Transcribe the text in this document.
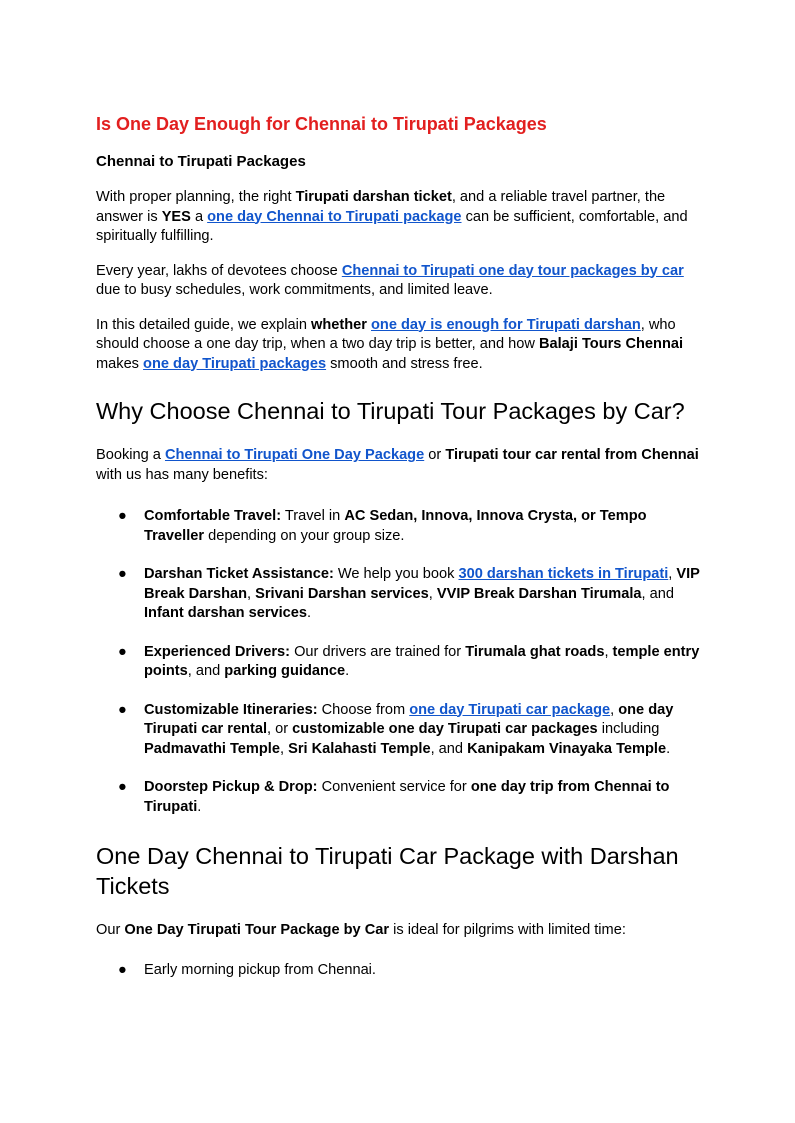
Is One Day Enough for Chennai to Tirupati Packages
Chennai to Tirupati Packages

With proper planning, the right Tirupati darshan ticket, and a reliable travel partner, the answer is YES a one day Chennai to Tirupati package can be sufficient, comfortable, and spiritually fulfilling.

Every year, lakhs of devotees choose Chennai to Tirupati one day tour packages by car due to busy schedules, work commitments, and limited leave.

In this detailed guide, we explain whether one day is enough for Tirupati darshan, who should choose a one day trip, when a two day trip is better, and how Balaji Tours Chennai makes one day Tirupati packages smooth and stress free.

Why Choose Chennai to Tirupati Tour Packages by Car?

Booking a Chennai to Tirupati One Day Package or Tirupati tour car rental from Chennai with us has many benefits:

● Comfortable Travel: Travel in AC Sedan, Innova, Innova Crysta, or Tempo Traveller depending on your group size.
● Darshan Ticket Assistance: We help you book 300 darshan tickets in Tirupati, VIP Break Darshan, Srivani Darshan services, VVIP Break Darshan Tirumala, and Infant darshan services.
● Experienced Drivers: Our drivers are trained for Tirumala ghat roads, temple entry points, and parking guidance.
● Customizable Itineraries: Choose from one day Tirupati car package, one day Tirupati car rental, or customizable one day Tirupati car packages including Padmavathi Temple, Sri Kalahasti Temple, and Kanipakam Vinayaka Temple.
● Doorstep Pickup & Drop: Convenient service for one day trip from Chennai to Tirupati.
One Day Chennai to Tirupati Car Package with Darshan Tickets

Our One Day Tirupati Tour Package by Car is ideal for pilgrims with limited time:

● Early morning pickup from Chennai.
